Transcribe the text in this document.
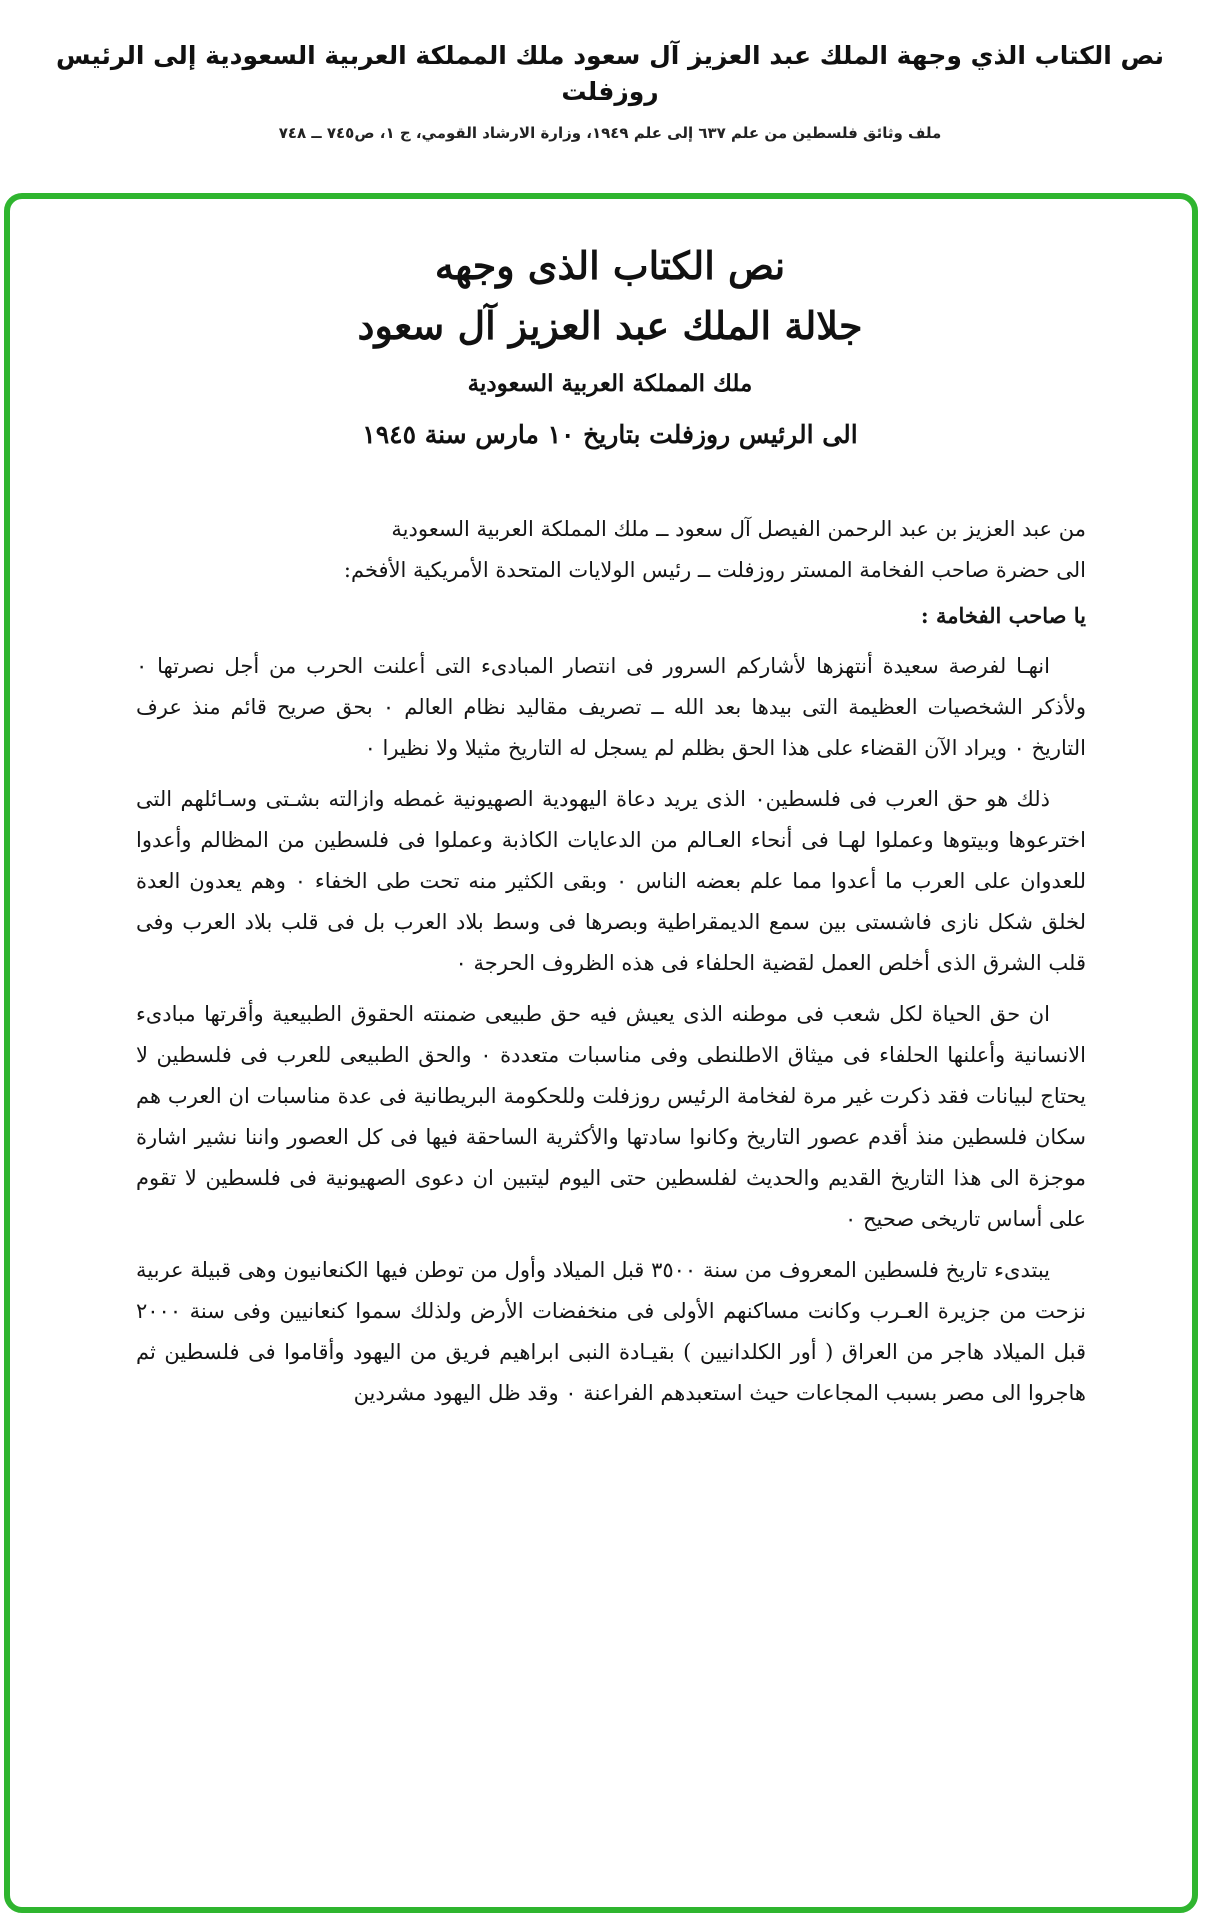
نص الكتاب الذي وجهة الملك عبد العزيز آل سعود ملك المملكة العربية السعودية إلى الرئيس روزفلت
ملف وثائق فلسطين من علم ٦٣٧ إلى علم ١٩٤٩، وزارة الارشاد القومي، ج ١، ص٧٤٥ ــ ٧٤٨
نص الكتاب الذى وجهه
جلالة الملك عبد العزيز آل سعود
ملك المملكة العربية السعودية
الى الرئيس روزفلت بتاريخ ١٠ مارس سنة ١٩٤٥

من عبد العزيز بن عبد الرحمن الفيصل آل سعود ــ ملك المملكة العربية السعودية

الى حضرة صاحب الفخامة المستر روزفلت ــ رئيس الولايات المتحدة الأمريكية الأفخم:

يا صاحب الفخامة :

انهـا لفرصة سعيدة أنتهزها لأشاركم السرور فى انتصار المبادىء التى أعلنت الحرب من أجل نصرتها ٠ ولأذكر الشخصيات العظيمة التى بيدها بعد الله ــ تصريف مقاليد نظام العالم ٠ بحق صريح قائم منذ عرف التاريخ ٠ ويراد الآن القضاء على هذا الحق بظلم لم يسجل له التاريخ مثيلا ولا نظيرا ٠

ذلك هو حق العرب فى فلسطين٠ الذى يريد دعاة اليهودية الصهيونية غمطه وازالته بشـتى وسـائلهم التى اخترعوها وبيتوها وعملوا لهـا فى أنحاء العـالم من الدعايات الكاذبة وعملوا فى فلسطين من المظالم وأعدوا للعدوان على العرب ما أعدوا مما علم بعضه الناس ٠ وبقى الكثير منه تحت طى الخفاء ٠ وهم يعدون العدة لخلق شكل نازى فاشستى بين سمع الديمقراطية وبصرها فى وسط بلاد العرب بل فى قلب بلاد العرب وفى قلب الشرق الذى أخلص العمل لقضية الحلفاء فى هذه الظروف الحرجة ٠

ان حق الحياة لكل شعب فى موطنه الذى يعيش فيه حق طبيعى ضمنته الحقوق الطبيعية وأقرتها مبادىء الانسانية وأعلنها الحلفاء فى ميثاق الاطلنطى وفى مناسبات متعددة ٠ والحق الطبيعى للعرب فى فلسطين لا يحتاج لبيانات فقد ذكرت غير مرة لفخامة الرئيس روزفلت وللحكومة البريطانية فى عدة مناسبات ان العرب هم سكان فلسطين منذ أقدم عصور التاريخ وكانوا سادتها والأكثرية الساحقة فيها فى كل العصور واننا نشير اشارة موجزة الى هذا التاريخ القديم والحديث لفلسطين حتى اليوم ليتبين ان دعوى الصهيونية فى فلسطين لا تقوم على أساس تاريخى صحيح ٠

يبتدىء تاريخ فلسطين المعروف من سنة ٣٥٠٠ قبل الميلاد وأول من توطن فيها الكنعانيون وهى قبيلة عربية نزحت من جزيرة العـرب وكانت مساكنهم الأولى فى منخفضات الأرض ولذلك سموا كنعانيين وفى سنة ٢٠٠٠ قبل الميلاد هاجر من العراق ( أور الكلدانيين ) بقيـادة النبى ابراهيم فريق من اليهود وأقاموا فى فلسطين ثم هاجروا الى مصر بسبب المجاعات حيث استعبدهم الفراعنة ٠ وقد ظل اليهود مشردين
